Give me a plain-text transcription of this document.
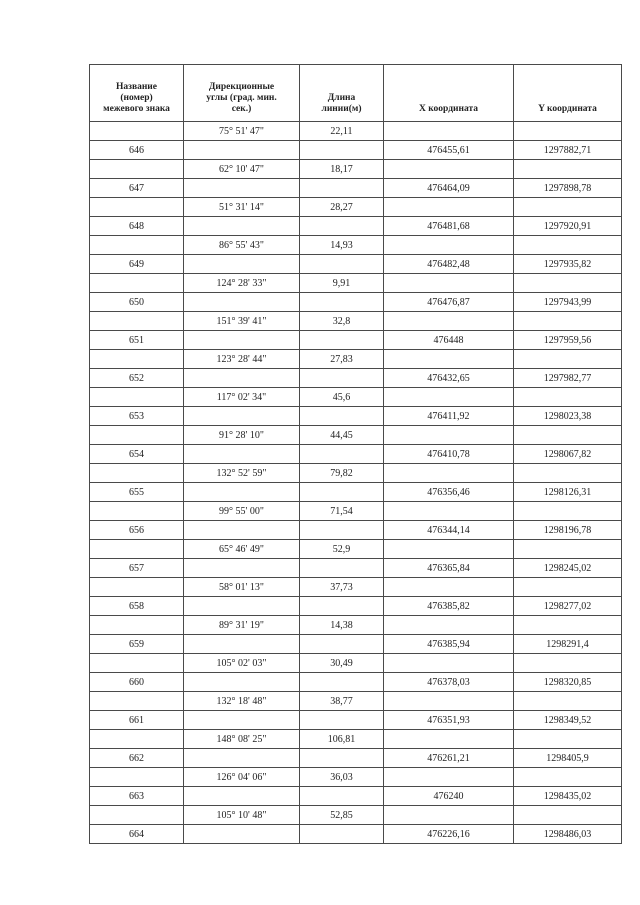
Название
(номер)
межевого знака	Дирекционные
углы (град. мин.
сек.)	Длина
линии(м)	X координата	Y координата
	75° 51' 47"	22,11		
646			476455,61	1297882,71
	62° 10' 47"	18,17		
647			476464,09	1297898,78
	51° 31' 14"	28,27		
648			476481,68	1297920,91
	86° 55' 43"	14,93		
649			476482,48	1297935,82
	124° 28' 33"	9,91		
650			476476,87	1297943,99
	151° 39' 41"	32,8		
651			476448	1297959,56
	123° 28' 44"	27,83		
652			476432,65	1297982,77
	117° 02' 34"	45,6		
653			476411,92	1298023,38
	91° 28' 10"	44,45		
654			476410,78	1298067,82
	132° 52' 59"	79,82		
655			476356,46	1298126,31
	99° 55' 00"	71,54		
656			476344,14	1298196,78
	65° 46' 49"	52,9		
657			476365,84	1298245,02
	58° 01' 13"	37,73		
658			476385,82	1298277,02
	89° 31' 19"	14,38		
659			476385,94	1298291,4
	105° 02' 03"	30,49		
660			476378,03	1298320,85
	132° 18' 48"	38,77		
661			476351,93	1298349,52
	148° 08' 25"	106,81		
662			476261,21	1298405,9
	126° 04' 06"	36,03		
663			476240	1298435,02
	105° 10' 48"	52,85		
664			476226,16	1298486,03
